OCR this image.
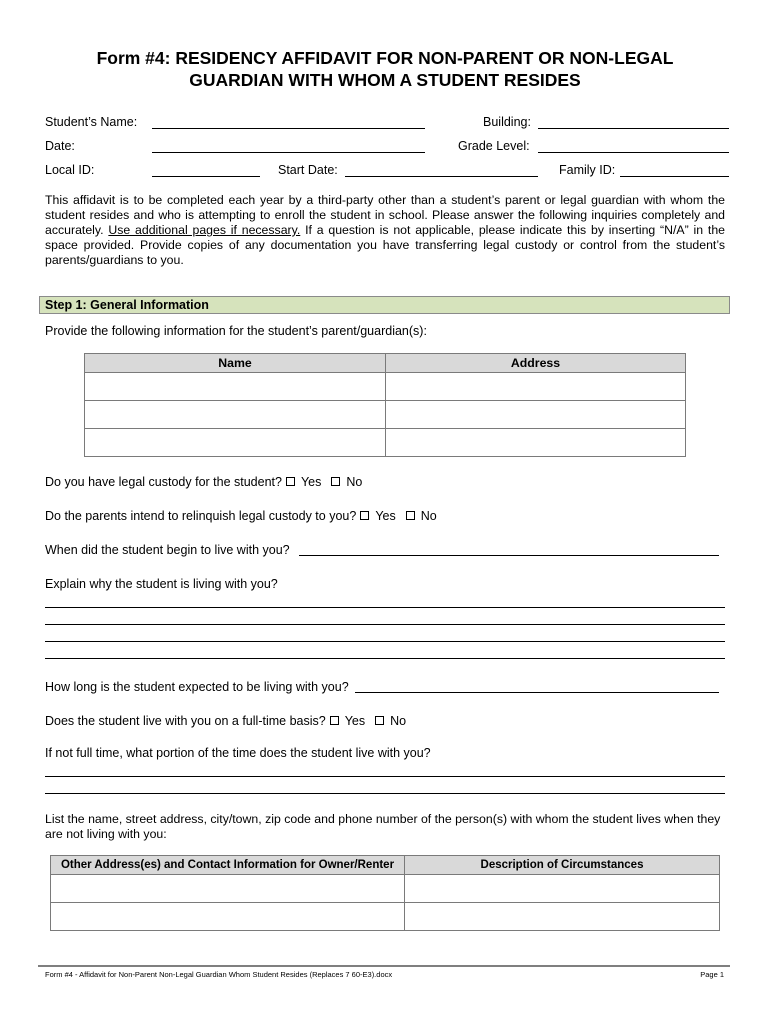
Form #4: RESIDENCY AFFIDAVIT FOR NON-PARENT OR NON-LEGAL
GUARDIAN WITH WHOM A STUDENT RESIDES
Student’s Name:	Building:
Date:	Grade Level:
Local ID:	Start Date:	Family ID:
This affidavit is to be completed each year by a third-party other than a student’s parent or legal guardian with whom the student resides and who is attempting to enroll the student in school. Please answer the following inquiries completely and accurately. Use additional pages if necessary. If a question is not applicable, please indicate this by inserting “N/A” in the space provided. Provide copies of any documentation you have transferring legal custody or control from the student’s parents/guardians to you.
Step 1: General Information
Provide the following information for the student’s parent/guardian(s):
Name	Address

Do you have legal custody for the student? Yes No
Do the parents intend to relinquish legal custody to you? Yes No
When did the student begin to live with you?
Explain why the student is living with you?
How long is the student expected to be living with you?
Does the student live with you on a full-time basis? Yes No
If not full time, what portion of the time does the student live with you?
List the name, street address, city/town, zip code and phone number of the person(s) with whom the student lives when they are not living with you:
Other Address(es) and Contact Information for Owner/Renter	Description of Circumstances

Form #4 - Affidavit for Non-Parent Non-Legal Guardian Whom Student Resides (Replaces 7 60-E3).docx	Page 1
